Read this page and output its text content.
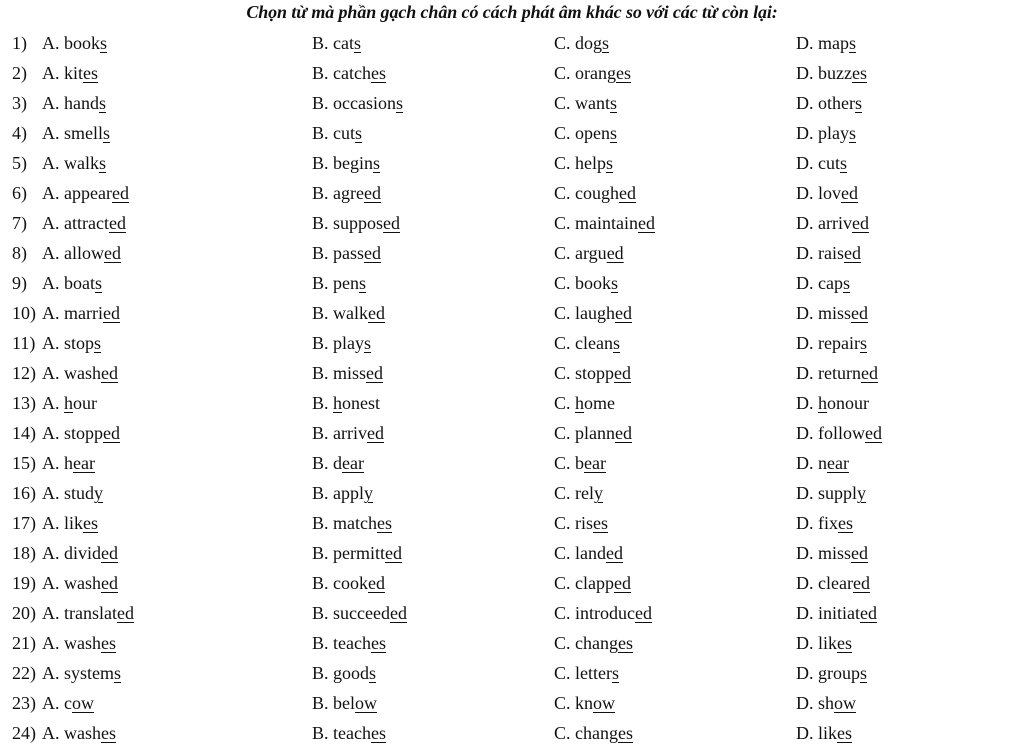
Chọn từ mà phần gạch chân có cách phát âm khác so với các từ còn lại:
1) A. books	B. cats	C. dogs	D. maps
2) A. kites	B. catches	C. oranges	D. buzzes
3) A. hands	B. occasions	C. wants	D. others
4) A. smells	B. cuts	C. opens	D. plays
5) A. walks	B. begins	C. helps	D. cuts
6) A. appeared	B. agreed	C. coughed	D. loved
7) A. attracted	B. supposed	C. maintained	D. arrived
8) A. allowed	B. passed	C. argued	D. raised
9) A. boats	B. pens	C. books	D. caps
10) A. married	B. walked	C. laughed	D. missed
11) A. stops	B. plays	C. cleans	D. repairs
12) A. washed	B. missed	C. stopped	D. returned
13) A. hour	B. honest	C. home	D. honour
14) A. stopped	B. arrived	C. planned	D. followed
15) A. hear	B. dear	C. bear	D. near
16) A. study	B. apply	C. rely	D. supply
17) A. likes	B. matches	C. rises	D. fixes
18) A. divided	B. permitted	C. landed	D. missed
19) A. washed	B. cooked	C. clapped	D. cleared
20) A. translated	B. succeeded	C. introduced	D. initiated
21) A. washes	B. teaches	C. changes	D. likes
22) A. systems	B. goods	C. letters	D. groups
23) A. cow	B. below	C. know	D. show
24) A. washes	B. teaches	C. changes	D. likes
